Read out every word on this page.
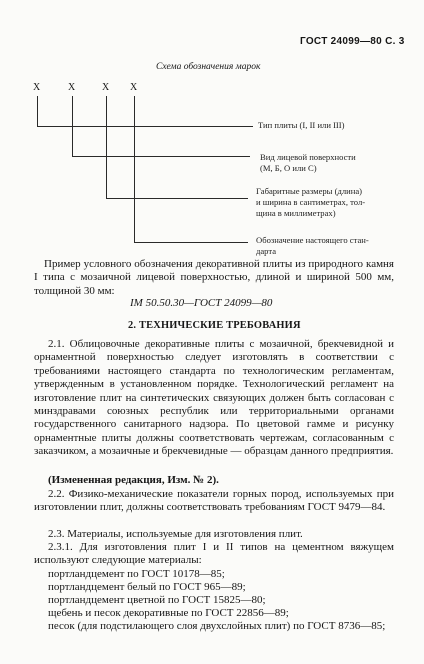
ГОСТ 24099—80 С. 3
Схема обозначения марок
X	X	X X
Тип плиты (I, II или III)
Вид лицевой поверхности
(М, Б, О или С)
Габаритные размеры (длина)
и ширина в сантиметрах, тол-
щина в миллиметрах)
Обозначение настоящего стан-
дарта
Пример условного обозначения декоративной плиты из природного камня I типа с мозаичной лицевой поверхностью, длиной и шириной 500 мм, толщиной 30 мм:
IM 50.50.30—ГОСТ 24099—80
2. ТЕХНИЧЕСКИЕ ТРЕБОВАНИЯ
2.1. Облицовочные декоративные плиты с мозаичной, брекчевидной и орнаментной поверхностью следует изготовлять в соответствии с требованиями настоящего стандарта по технологическим регламентам, утвержденным в установленном порядке. Технологический регламент на изготовление плит на синтетических связующих должен быть согласован с минздравами союзных республик или территориальными органами государственного санитарного надзора. По цветовой гамме и рисунку орнаментные плиты должны соответствовать чертежам, согласованным с заказчиком, а мозаичные и брекчевидные — образцам данного предприятия.
(Измененная редакция, Изм. № 2).
2.2. Физико-механические показатели горных пород, используемых при изготовлении плит, должны соответствовать требованиям ГОСТ 9479—84.
2.3. Материалы, используемые для изготовления плит.
2.3.1. Для изготовления плит I и II типов на цементном вяжущем используют следующие материалы:
портландцемент по ГОСТ 10178—85;
портландцемент белый по ГОСТ 965—89;
портландцемент цветной по ГОСТ 15825—80;
щебень и песок декоративные по ГОСТ 22856—89;
песок (для подстилающего слоя двухслойных плит) по ГОСТ 8736—85;
